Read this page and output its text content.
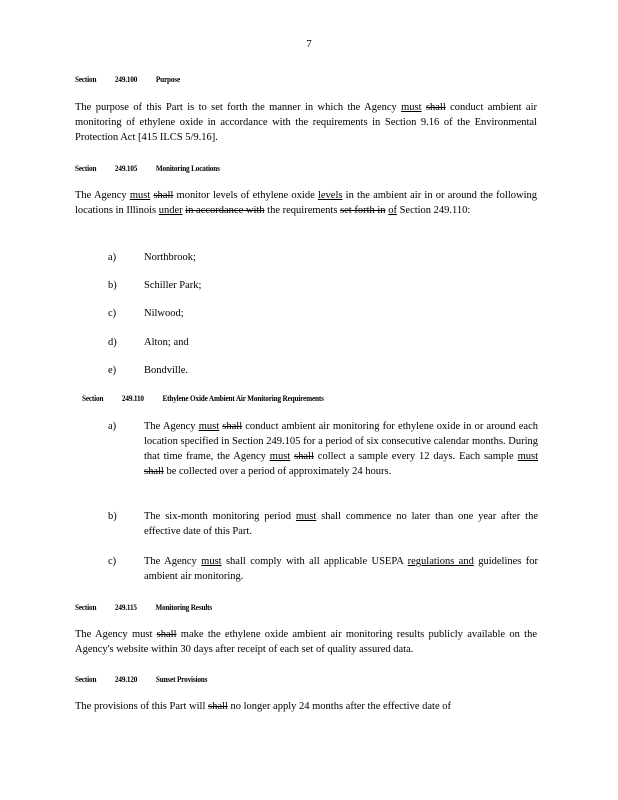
7
Section 249.100 Purpose
The purpose of this Part is to set forth the manner in which the Agency must shall conduct ambient air monitoring of ethylene oxide in accordance with the requirements in Section 9.16 of the Environmental Protection Act [415 ILCS 5/9.16].
Section 249.105 Monitoring Locations
The Agency must shall monitor levels of ethylene oxide levels in the ambient air in or around the following locations in Illinois under in accordance with the requirements set forth in of Section 249.110:
a)	Northbrook;
b)	Schiller Park;
c)	Nilwood;
d)	Alton; and
e)	Bondville.
Section 249.110 Ethylene Oxide Ambient Air Monitoring Requirements
a)	The Agency must shall conduct ambient air monitoring for ethylene oxide in or around each location specified in Section 249.105 for a period of six consecutive calendar months. During that time frame, the Agency must shall collect a sample every 12 days. Each sample must shall be collected over a period of approximately 24 hours.
b)	The six-month monitoring period must shall commence no later than one year after the effective date of this Part.
c)	The Agency must shall comply with all applicable USEPA regulations and guidelines for ambient air monitoring.
Section 249.115 Monitoring Results
The Agency must shall make the ethylene oxide ambient air monitoring results publicly available on the Agency's website within 30 days after receipt of each set of quality assured data.
Section 249.120 Sunset Provisions
The provisions of this Part will shall no longer apply 24 months after the effective date of
